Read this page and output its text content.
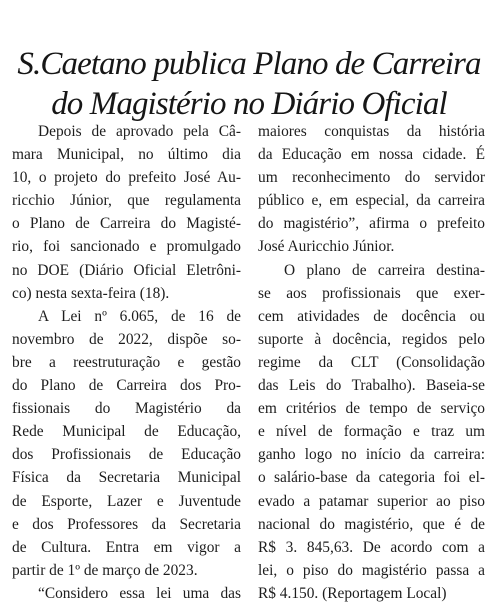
S.Caetano publica Plano de Carreira
do Magistério no Diário Oficial
Depois de aprovado pela Câ-
mara Municipal, no último dia
10, o projeto do prefeito José Au-
ricchio Júnior, que regulamenta
o Plano de Carreira do Magisté-
rio, foi sancionado e promulgado
no DOE (Diário Oficial Eletrôni-
co) nesta sexta-feira (18).
A Lei nº 6.065, de 16 de
novembro de 2022, dispõe so-
bre a reestruturação e gestão
do Plano de Carreira dos Pro-
fissionais do Magistério da
Rede Municipal de Educação,
dos Profissionais de Educação
Física da Secretaria Municipal
de Esporte, Lazer e Juventude
e dos Professores da Secretaria
de Cultura. Entra em vigor a
partir de 1º de março de 2023.
“Considero essa lei uma das
maiores conquistas da história
da Educação em nossa cidade. É
um reconhecimento do servidor
público e, em especial, da carreira
do magistério”, afirma o prefeito
José Auricchio Júnior.
O plano de carreira destina-
se aos profissionais que exer-
cem atividades de docência ou
suporte à docência, regidos pelo
regime da CLT (Consolidação
das Leis do Trabalho). Baseia-se
em critérios de tempo de serviço
e nível de formação e traz um
ganho logo no início da carreira:
o salário-base da categoria foi el-
evado a patamar superior ao piso
nacional do magistério, que é de
R$ 3. 845,63. De acordo com a
lei, o piso do magistério passa a
R$ 4.150. (Reportagem Local)
